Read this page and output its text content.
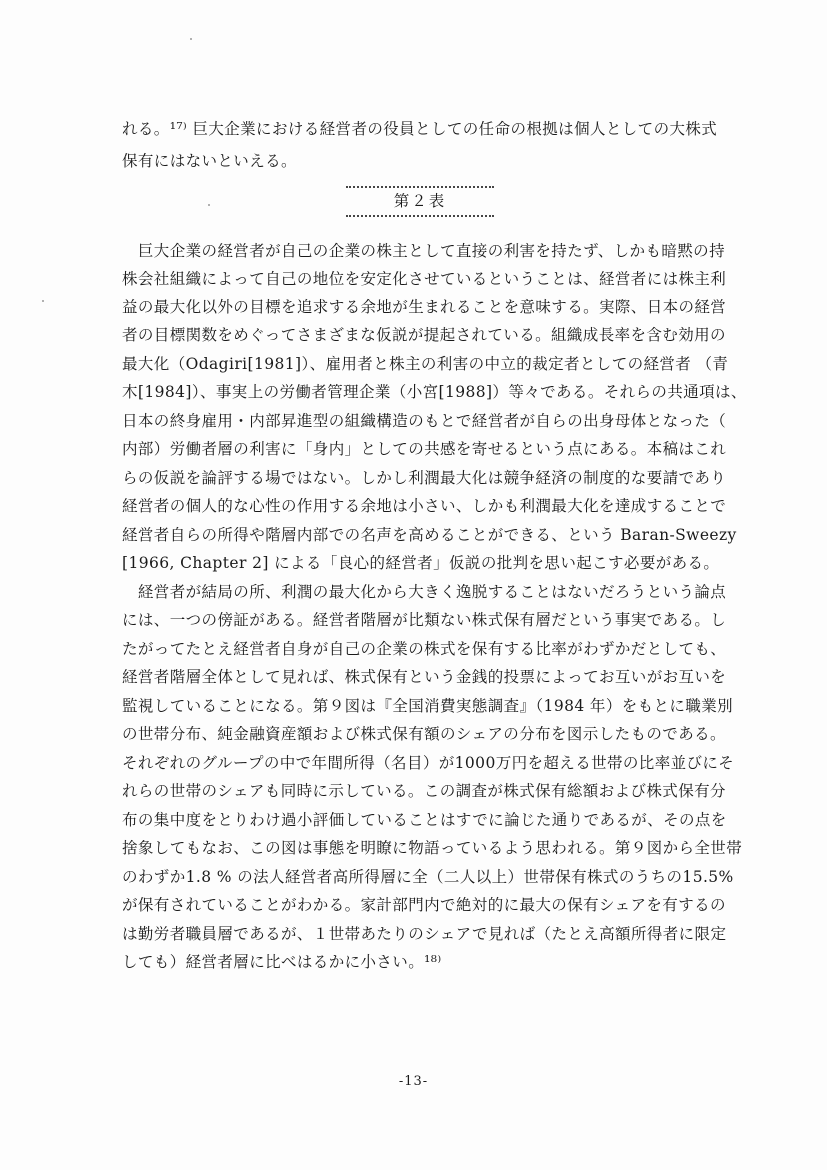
れる。¹⁷⁾ 巨大企業における経営者の役員としての任命の根拠は個人としての大株式
保有にはないといえる。
第２表
　巨大企業の経営者が自己の企業の株主として直接の利害を持たず、しかも暗黙の持
株会社組織によって自己の地位を安定化させているということは、経営者には株主利
益の最大化以外の目標を追求する余地が生まれることを意味する。実際、日本の経営
者の目標関数をめぐってさまざまな仮説が提起されている。組織成長率を含む効用の
最大化（Odagiri[1981]）、雇用者と株主の利害の中立的裁定者としての経営者 （青
木[1984]）、事実上の労働者管理企業（小宮[1988]）等々である。それらの共通項は、
日本の終身雇用・内部昇進型の組織構造のもとで経営者が自らの出身母体となった（
内部）労働者層の利害に「身内」としての共感を寄せるという点にある。本稿はこれ
らの仮説を論評する場ではない。しかし利潤最大化は競争経済の制度的な要請であり
経営者の個人的な心性の作用する余地は小さい、しかも利潤最大化を達成することで
経営者自らの所得や階層内部での名声を高めることができる、という Baran-Sweezy
[1966, Chapter 2] による「良心的経営者」仮説の批判を思い起こす必要がある。
　経営者が結局の所、利潤の最大化から大きく逸脱することはないだろうという論点
には、一つの傍証がある。経営者階層が比類ない株式保有層だという事実である。し
たがってたとえ経営者自身が自己の企業の株式を保有する比率がわずかだとしても、
経営者階層全体として見れば、株式保有という金銭的投票によってお互いがお互いを
監視していることになる。第９図は『全国消費実態調査』（1984 年）をもとに職業別
の世帯分布、純金融資産額および株式保有額のシェアの分布を図示したものである。
それぞれのグループの中で年間所得（名目）が1000万円を超える世帯の比率並びにそ
れらの世帯のシェアも同時に示している。この調査が株式保有総額および株式保有分
布の集中度をとりわけ過小評価していることはすでに論じた通りであるが、その点を
捨象してもなお、この図は事態を明瞭に物語っているよう思われる。第９図から全世帯
のわずか1.8 % の法人経営者高所得層に全（二人以上）世帯保有株式のうちの15.5%
が保有されていることがわかる。家計部門内で絶対的に最大の保有シェアを有するの
は勤労者職員層であるが、１世帯あたりのシェアで見れば（たとえ高額所得者に限定
しても）経営者層に比べはるかに小さい。¹⁸⁾
-13-
